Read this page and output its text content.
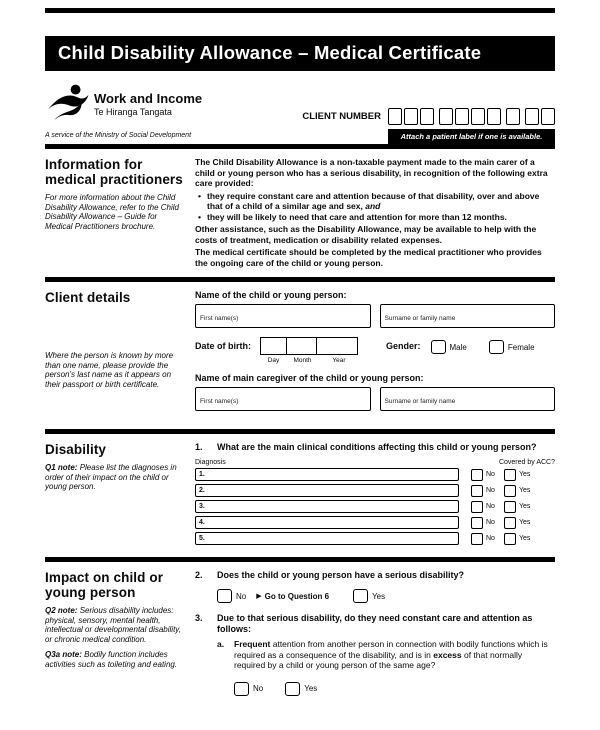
Child Disability Allowance – Medical Certificate
Work and Income
Te Hiranga Tangata
A service of the Ministry of Social Development
CLIENT NUMBER
Attach a patient label if one is available.
Information for medical practitioners
For more information about the Child Disability Allowance, refer to the Child Disability Allowance – Guide for Medical Practitioners brochure.

The Child Disability Allowance is a non-taxable payment made to the main carer of a child or young person who has a serious disability, in recognition of the following extra care provided:

• they require constant care and attention because of that disability, over and above that of a child of a similar age and sex, and
• they will be likely to need that care and attention for more than 12 months.

Other assistance, such as the Disability Allowance, may be available to help with the costs of treatment, medication or disability related expenses.

The medical certificate should be completed by the medical practitioner who provides the ongoing care of the child or young person.

Client details
Where the person is known by more than one name, please provide the person's last name as it appears on their passport or birth certificate.
Name of the child or young person:
First name(s)	Surname or family name
Date of birth:
Day	Month	Year
Gender:	Male	Female
Name of main caregiver of the child or young person:
First name(s)	Surname or family name
Disability
Q1 note: Please list the diagnoses in order of their impact on the child or young person.
1.	What are the main clinical conditions affecting this child or young person?
Diagnosis	Covered by ACC?
1.	No	Yes
2.	No	Yes
3.	No	Yes
4.	No	Yes
5.	No	Yes
Impact on child or young person
Q2 note: Serious disability includes: physical, sensory, mental health, intellectual or developmental disability, or chronic medical condition.
Q3a note: Bodily function includes activities such as toileting and eating.
2.	Does the child or young person have a serious disability?
No ▶ Go to Question 6	Yes
3.	Due to that serious disability, do they need constant care and attention as follows:
a.	Frequent attention from another person in connection with bodily functions which is required as a consequence of the disability, and is in excess of that normally required by a child or young person of the same age?
No	Yes
